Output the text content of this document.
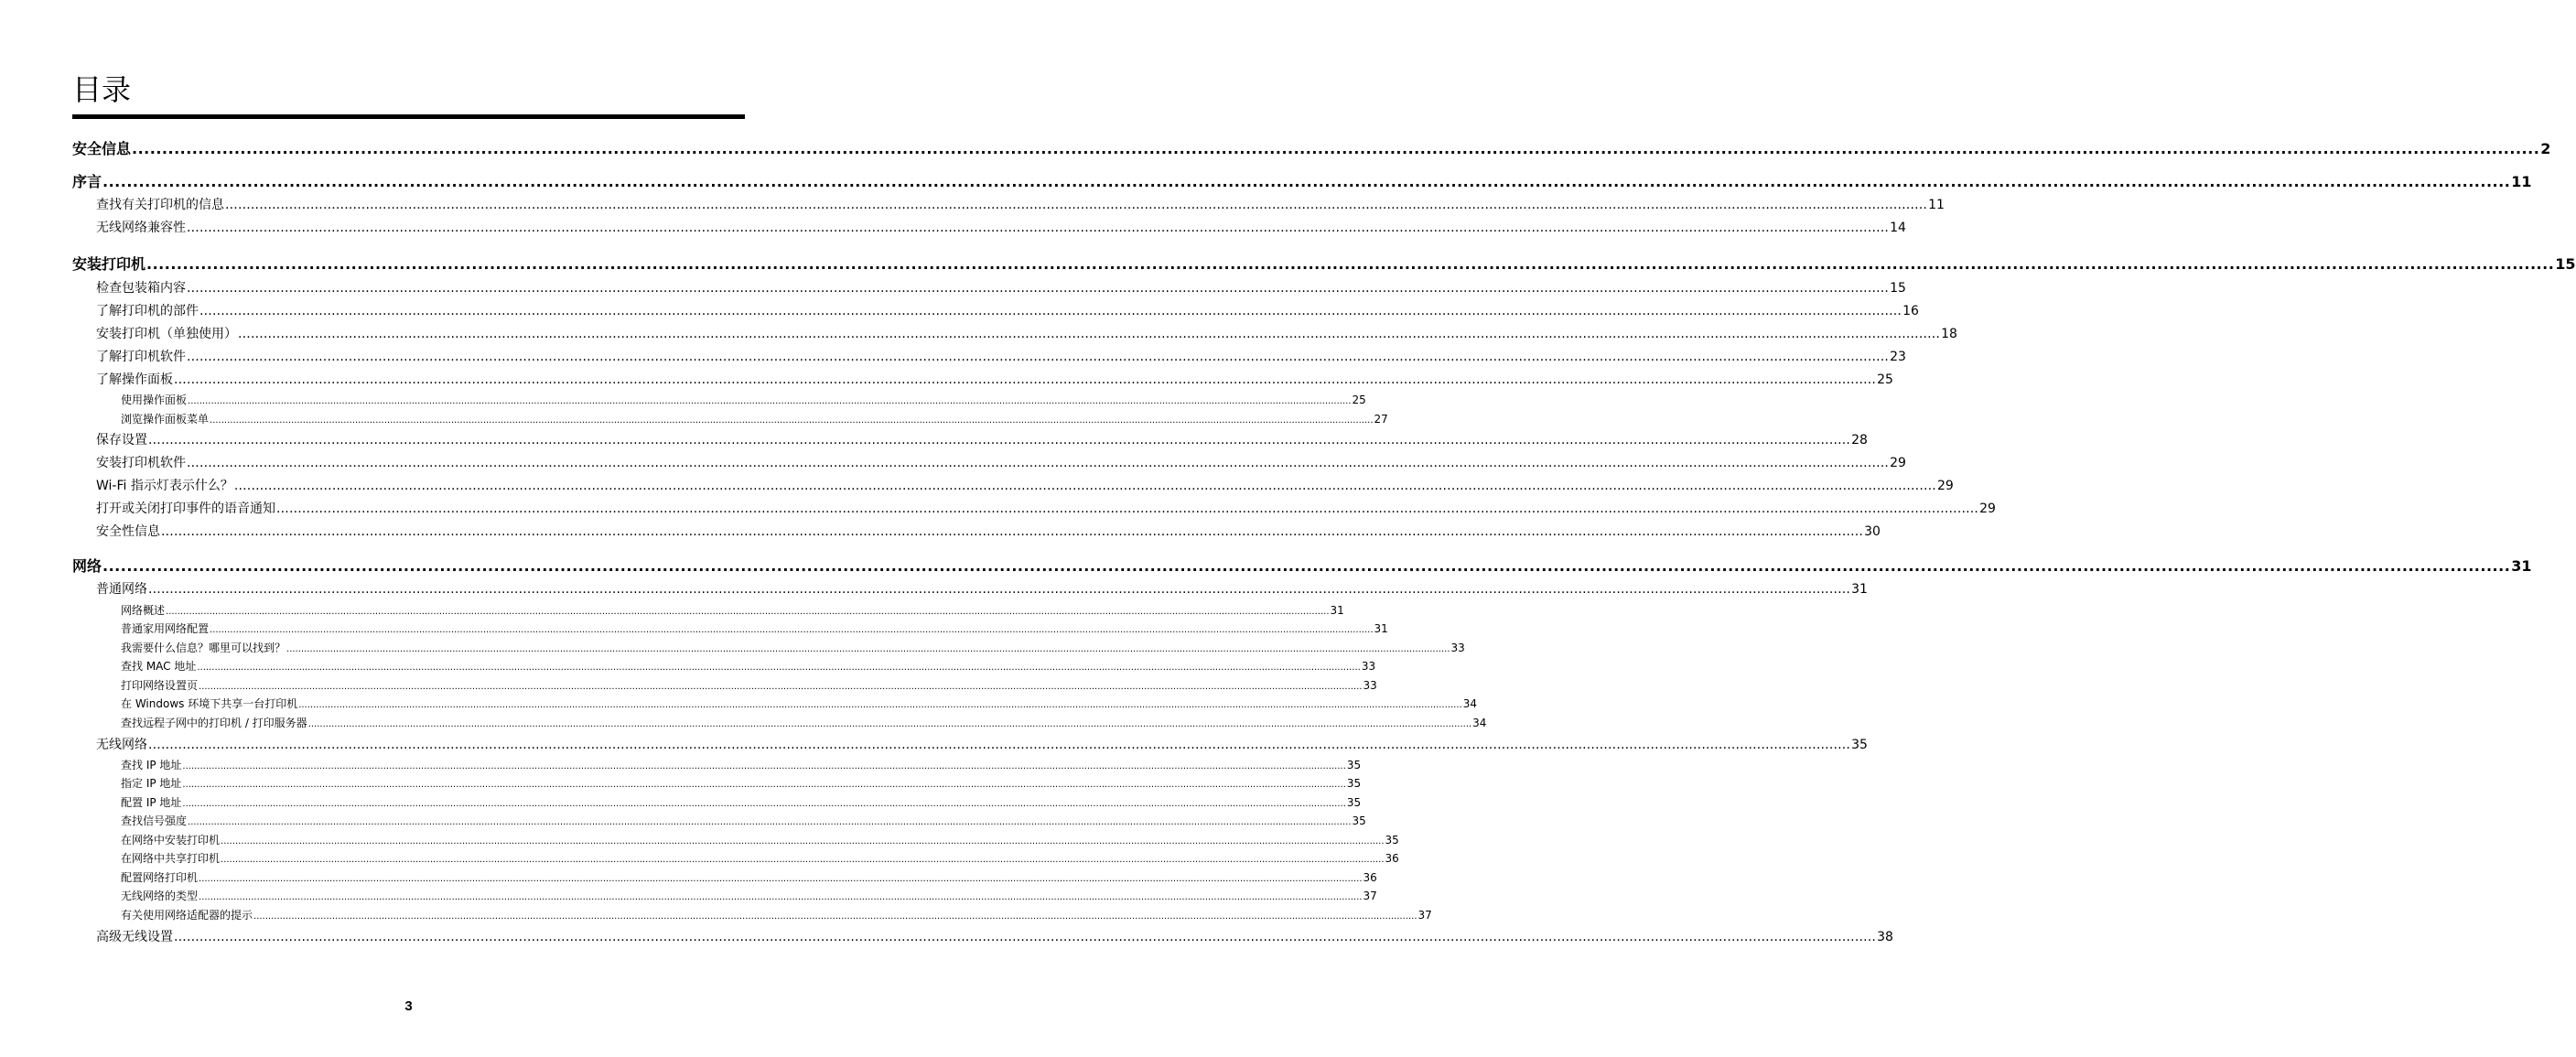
目录
安全信息 ................................................................................................................................................................................................................................................................................................................................................................................................................ 2
序言 ................................................................................................................................................................................................................................................................................................................................................................................................................ 11
查找有关打印机的信息 ................................................................................................................................................................................................................................................................................................................................................................................................................ 11
无线网络兼容性 ................................................................................................................................................................................................................................................................................................................................................................................................................ 14
安装打印机 ................................................................................................................................................................................................................................................................................................................................................................................................................ 15
检查包装箱内容 ................................................................................................................................................................................................................................................................................................................................................................................................................ 15
了解打印机的部件 ................................................................................................................................................................................................................................................................................................................................................................................................................ 16
安装打印机（单独使用） ................................................................................................................................................................................................................................................................................................................................................................................................................ 18
了解打印机软件 ................................................................................................................................................................................................................................................................................................................................................................................................................ 23
了解操作面板 ................................................................................................................................................................................................................................................................................................................................................................................................................ 25
使用操作面板 ................................................................................................................................................................................................................................................................................................................................................................................................................ 25
浏览操作面板菜单 ................................................................................................................................................................................................................................................................................................................................................................................................................ 27
保存设置 ................................................................................................................................................................................................................................................................................................................................................................................................................ 28
安装打印机软件 ................................................................................................................................................................................................................................................................................................................................................................................................................ 29
Wi-Fi 指示灯表示什么？ ................................................................................................................................................................................................................................................................................................................................................................................................................ 29
打开或关闭打印事件的语音通知 ................................................................................................................................................................................................................................................................................................................................................................................................................ 29
安全性信息 ................................................................................................................................................................................................................................................................................................................................................................................................................ 30
网络 ................................................................................................................................................................................................................................................................................................................................................................................................................ 31
普通网络 ................................................................................................................................................................................................................................................................................................................................................................................................................ 31
网络概述 ................................................................................................................................................................................................................................................................................................................................................................................................................ 31
普通家用网络配置 ................................................................................................................................................................................................................................................................................................................................................................................................................ 31
我需要什么信息？哪里可以找到？ ................................................................................................................................................................................................................................................................................................................................................................................................................ 33
查找 MAC 地址 ................................................................................................................................................................................................................................................................................................................................................................................................................ 33
打印网络设置页 ................................................................................................................................................................................................................................................................................................................................................................................................................ 33
在 Windows 环境下共享一台打印机 ................................................................................................................................................................................................................................................................................................................................................................................................................ 34
查找远程子网中的打印机 / 打印服务器 ................................................................................................................................................................................................................................................................................................................................................................................................................ 34
无线网络 ................................................................................................................................................................................................................................................................................................................................................................................................................ 35
查找 IP 地址 ................................................................................................................................................................................................................................................................................................................................................................................................................ 35
指定 IP 地址 ................................................................................................................................................................................................................................................................................................................................................................................................................ 35
配置 IP 地址 ................................................................................................................................................................................................................................................................................................................................................................................................................ 35
查找信号强度 ................................................................................................................................................................................................................................................................................................................................................................................................................ 35
在网络中安装打印机 ................................................................................................................................................................................................................................................................................................................................................................................................................ 35
在网络中共享打印机 ................................................................................................................................................................................................................................................................................................................................................................................................................ 36
配置网络打印机 ................................................................................................................................................................................................................................................................................................................................................................................................................ 36
无线网络的类型 ................................................................................................................................................................................................................................................................................................................................................................................................................ 37
有关使用网络适配器的提示 ................................................................................................................................................................................................................................................................................................................................................................................................................ 37
高级无线设置 ................................................................................................................................................................................................................................................................................................................................................................................................................ 38
3
